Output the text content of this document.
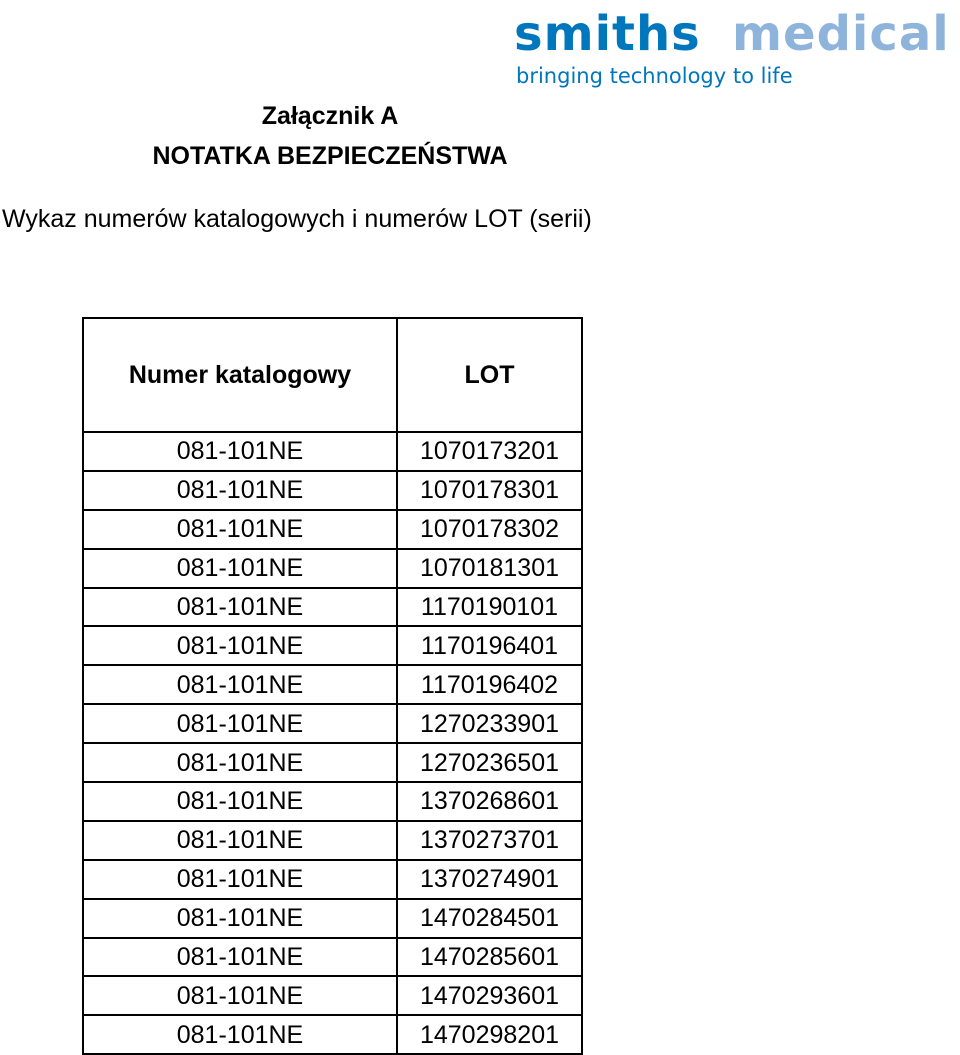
smiths medical
bringing technology to life
Załącznik A
NOTATKA BEZPIECZEŃSTWA
Wykaz numerów katalogowych i numerów LOT (serii)
Numer katalogowy	LOT
081-101NE	1070173201
081-101NE	1070178301
081-101NE	1070178302
081-101NE	1070181301
081-101NE	1170190101
081-101NE	1170196401
081-101NE	1170196402
081-101NE	1270233901
081-101NE	1270236501
081-101NE	1370268601
081-101NE	1370273701
081-101NE	1370274901
081-101NE	1470284501
081-101NE	1470285601
081-101NE	1470293601
081-101NE	1470298201
